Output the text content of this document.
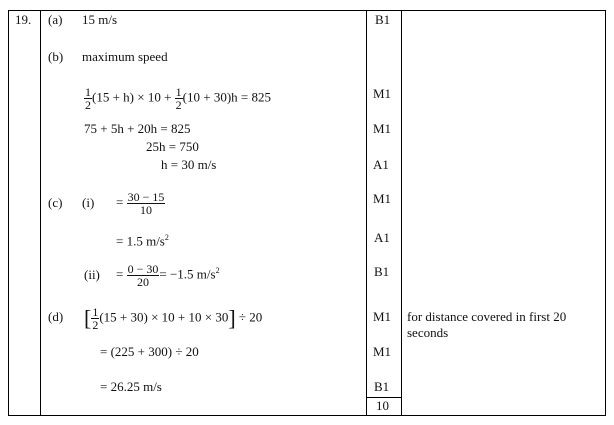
19. (a) 15 m/s	B1
(b) maximum speed
$\frac{1}{2} (15 + h) \times 10 + \frac{1}{2} (10 + 30)h = 825$	M1
75 + 5h + 20h = 825	M1
25h = 750
h = 30 m/s	A1
(c) $(i) = \frac{30 - 15}{10}$	M1
= 1.5 $m/s^2$	A1
$(ii) = \frac{0 - 30}{20} = -1.5$ $m/s^2$	B1
(d) [ $\frac{1}{2} (15 + 30) \times 10 + 10 \times 30] \div 20$	M1 for distance covered in first 20
seconds
= (225 + 300) ÷ 20	M1
= 26.25 m/s	B1
10
